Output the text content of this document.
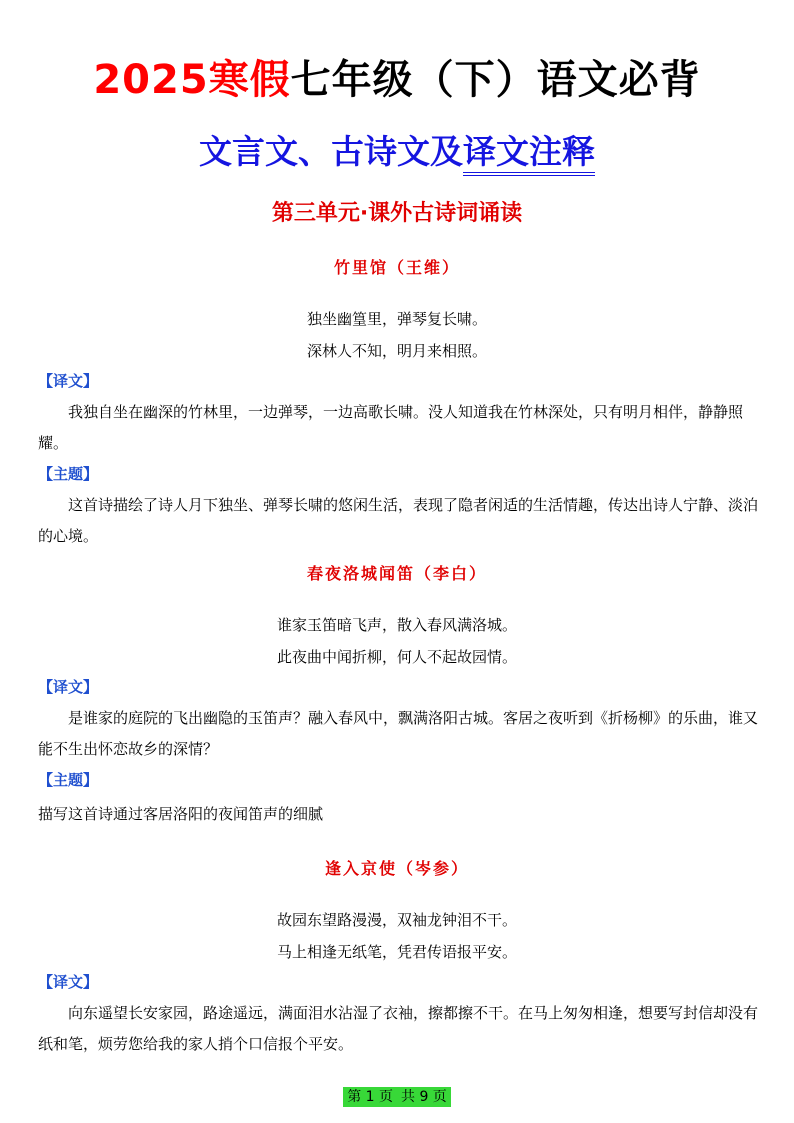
2025寒假七年级（下）语文必背
文言文、古诗文及译文注释
第三单元·课外古诗词诵读
竹里馆（王维）
独坐幽篁里，弹琴复长啸。
深林人不知，明月来相照。
【译文】
我独自坐在幽深的竹林里，一边弹琴，一边高歌长啸。没人知道我在竹林深处，只有明月相伴，静静照耀。
【主题】
这首诗描绘了诗人月下独坐、弹琴长啸的悠闲生活，表现了隐者闲适的生活情趣，传达出诗人宁静、淡泊的心境。
春夜洛城闻笛（李白）
谁家玉笛暗飞声，散入春风满洛城。
此夜曲中闻折柳，何人不起故园情。
【译文】
是谁家的庭院的飞出幽隐的玉笛声？融入春风中，飘满洛阳古城。客居之夜听到《折杨柳》的乐曲，谁又能不生出怀恋故乡的深情？
【主题】
描写这首诗通过客居洛阳的夜闻笛声的细腻
逢入京使（岑参）
故园东望路漫漫，双袖龙钟泪不干。
马上相逢无纸笔，凭君传语报平安。
【译文】
向东遥望长安家园，路途遥远，满面泪水沾湿了衣袖，擦都擦不干。在马上匆匆相逢，想要写封信却没有纸和笔，烦劳您给我的家人捎个口信报个平安。
第 1 页 共 9 页
